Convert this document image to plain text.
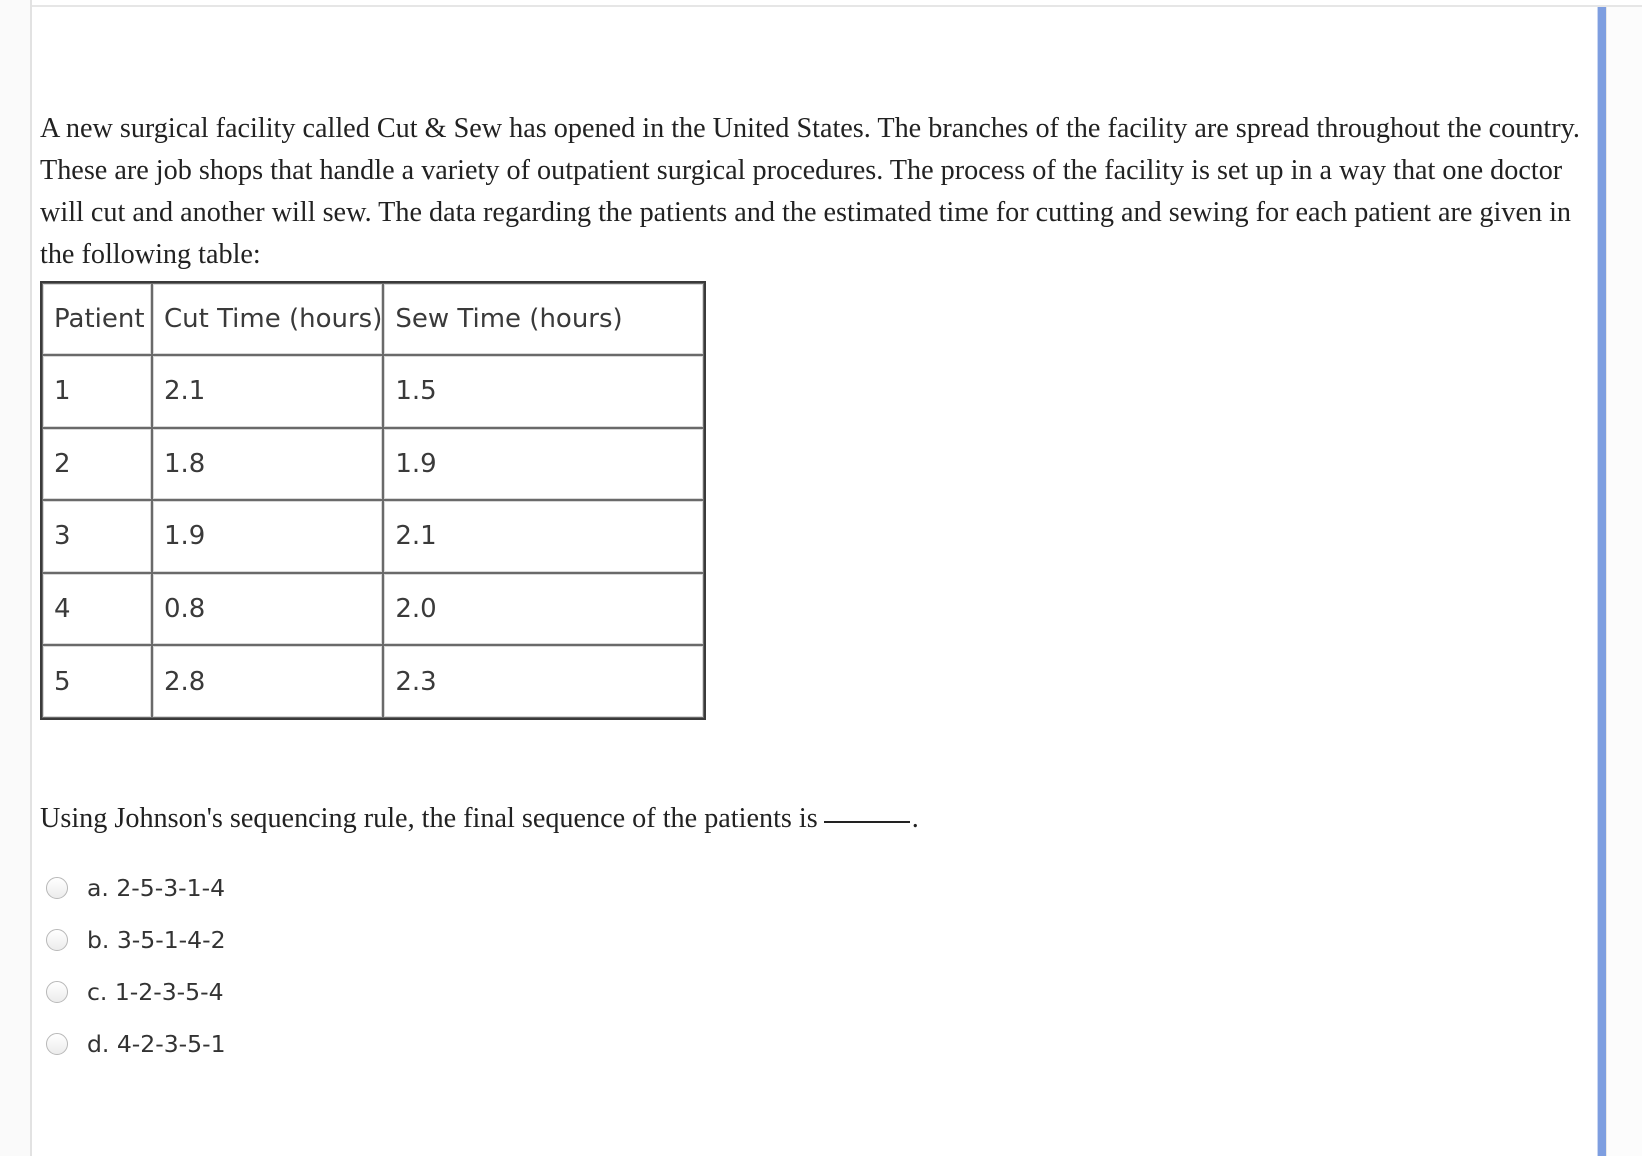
A new surgical facility called Cut & Sew has opened in the United States. The branches of the facility are spread throughout the country. These are job shops that handle a variety of outpatient surgical procedures. The process of the facility is set up in a way that one doctor will cut and another will sew. The data regarding the patients and the estimated time for cutting and sewing for each patient are given in the following table:

Patient	Cut Time (hours)	Sew Time (hours)
1	2.1	1.5
2	1.8	1.9
3	1.9	2.1
4	0.8	2.0
5	2.8	2.3

Using Johnson's sequencing rule, the final sequence of the patients is	.

a. 2-5-3-1-4
b. 3-5-1-4-2
c. 1-2-3-5-4
d. 4-2-3-5-1
